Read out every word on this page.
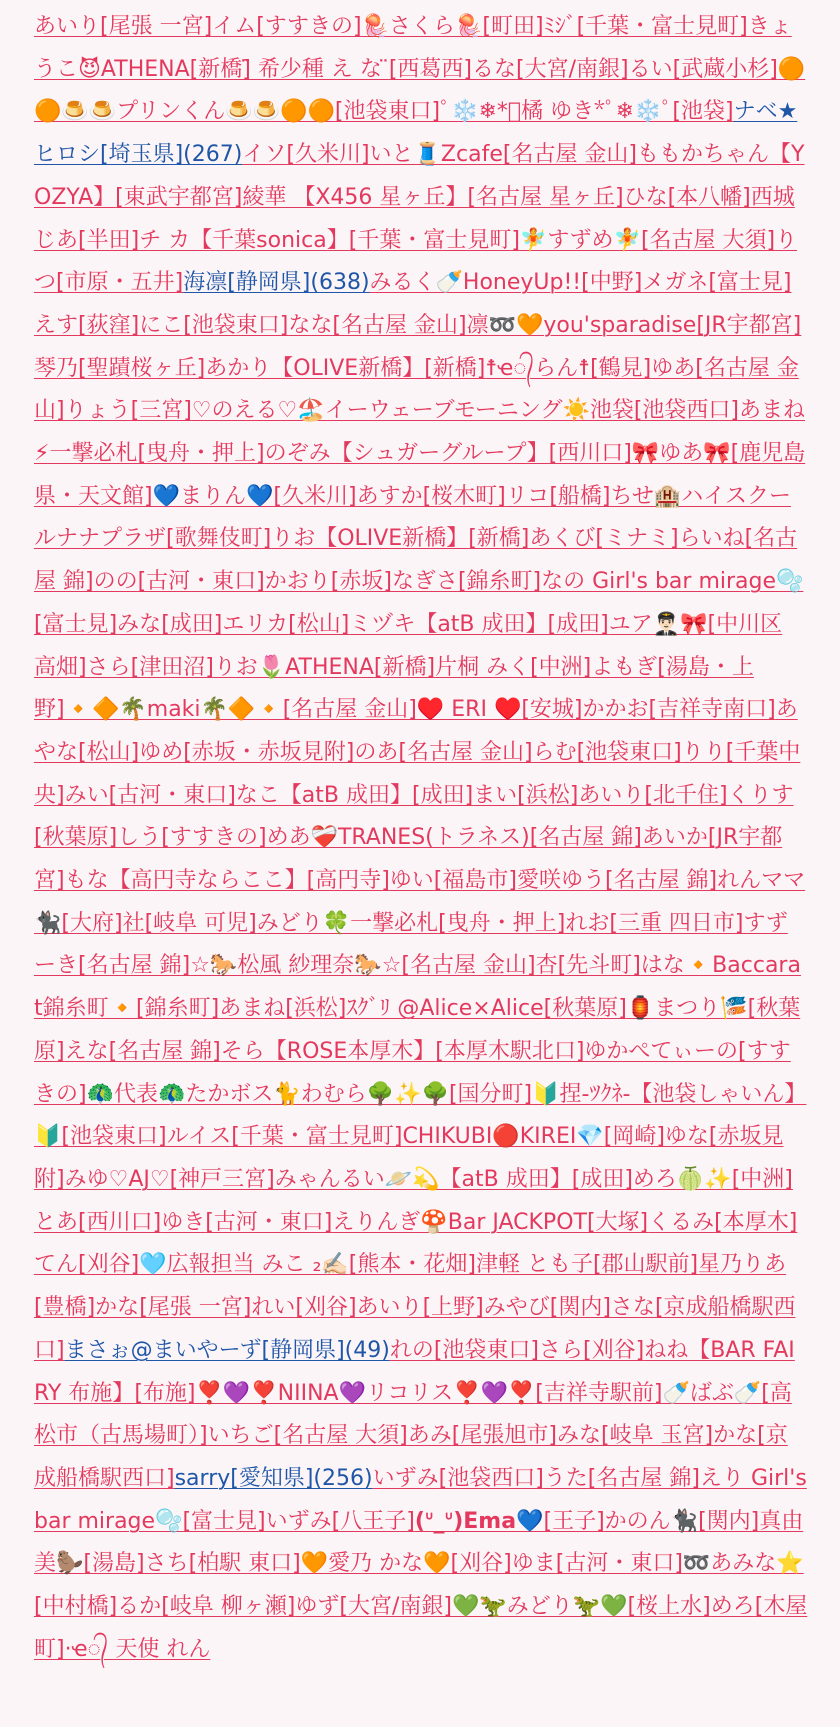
あいり[尾張 一宮]イム[すすきの]🪼さくら🪼[町田]ﾐｼﾞ[千葉・富士見町]きょうこ😈ATHENA[新橋]̈ 希少種 え な ̈[西葛西]るな[大宮/南銀]るい[武蔵小杉]🟠🟠🍮🍮プリンくん🍮🍮🟠🟠[池袋東口]ﾟ❄️❄︎*ﾟ橘 ゆき*ﾟ❄︎❄️ﾟ[池袋]ナベ★ヒロシ[埼玉県](267)イソ[久米川]いと🧵Zcafe[名古屋 金山]ももかちゃん【YOZYA】[東武宇都宮]綾華 【X456 星ヶ丘】[名古屋 星ヶ丘]ひな[本八幡]西城じあ[半田]チ カ【千葉sonica】[千葉・富士見町]🧚すずめ🧚[名古屋 大須]りつ[市原・五井]海凛[静岡県](638)みるく🍼HoneyUp!![中野]メガネ[富士見]えす[荻窪]にこ[池袋東口]なな[名古屋 金山]凛➿🧡you'sparadise[JR宇都宮]琴乃[聖蹟桜ヶ丘]あかり【OLIVE新橋】[新橋]☨ҽ᭄らん☨[鶴見]ゆあ[名古屋 金山]りょう[三宮]♡のえる♡🏖️イーウェーブモーニング☀️池袋[池袋西口]あまね⚡一撃必札[曳舟・押上]のぞみ【シュガーグループ】[西川口]🎀ゆあ🎀[鹿児島県・天文館]💙まりん💙[久米川]あすか[桜木町]リコ[船橋]ちせ🏨ハイスクールナナプラザ[歌舞伎町]りお【OLIVE新橋】[新橋]あくび[ミナミ]らいね[名古屋 錦]のの[古河・東口]かおり[赤坂]なぎさ[錦糸町]なの Girl's bar mirage🫧[富士見]みな[成田]エリカ[松山]ミヅキ【atB 成田】[成田]ユア👨🏻‍✈️🎀[中川区 高畑]さら[津田沼]りお🌷ATHENA[新橋]片桐 みく[中洲]よもぎ[湯島・上野]🔸🔶🌴maki🌴🔶🔸[名古屋 金山]♥️ ERI ♥️[安城]かかお[吉祥寺南口]あやな[松山]ゆめ[赤坂・赤坂見附]のあ[名古屋 金山]らむ[池袋東口]りり[千葉中央]みい[古河・東口]なこ【atB 成田】[成田]まい[浜松]あいり[北千住]くりす[秋葉原]しう[すすきの]めあ❤️‍🩹TRANES(トラネス)[名古屋 錦]あいか[JR宇都宮]もな【高円寺ならここ】[高円寺]ゆい[福島市]愛咲ゆう[名古屋 錦]れんママ🐈‍⬛[大府]社[岐阜 可児]みどり🍀一撃必札[曳舟・押上]れお[三重 四日市]すずーき[名古屋 錦]☆🐎松風 紗理奈🐎☆[名古屋 金山]杏[先斗町]はな🔸Baccarat錦糸町🔸[錦糸町]あまね[浜松]ｽｸﾞﾘ @Alice×Alice[秋葉原]🏮まつり🎏[秋葉原]えな[名古屋 錦]そら【ROSE本厚木】[本厚木駅北口]ゆかぺてぃーの[すすきの]🦚代表🦚たかボス🐈わむら🌳✨🌳[国分町]🔰捏-ﾂｸﾈ-【池袋しゃいん】🔰[池袋東口]ルイス[千葉・富士見町]CHIKUBI🔴KIREI💎[岡崎]ゆな[赤坂見附]みゆ♡AJ♡[神戸三宮]みゃんるい🪐💫【atB 成田】[成田]めろ🍈✨[中洲]とあ[西川口]ゆき[古河・東口]えりんぎ🍄Bar JACKPOT[大塚]くるみ[本厚木]てん[刈谷]🩵広報担当 みこ ₂✍🏻[熊本・花畑]津軽 とも子[郡山駅前]星乃りあ[豊橋]かな[尾張 一宮]れい[刈谷]あいり[上野]みやび[関内]さな[京成船橋駅西口]まさぉ@まいやーず[静岡県](49)れの[池袋東口]さら[刈谷]ねね【BAR FAIRY 布施】[布施]❣️💜❣️NIINA💜リコリス❣️💜❣️[吉祥寺駅前]🍼ばぶ🍼[高松市（古馬場町）]いちご[名古屋 大須]あみ[尾張旭市]みな[岐阜 玉宮]かな[京成船橋駅西口]sarry[愛知県](256)いずみ[池袋西口]うた[名古屋 錦]えり Girl's bar mirage🫧[富士見]いずみ[八王子](ᐡ_ᐡ)Ema💙[王子]かのん🐈‍⬛[関内]真由美🦫[湯島]さち[柏駅 東口]🧡愛乃 かな🧡[刈谷]ゆま[古河・東口]➿あみな⭐[中村橋]るか[岐阜 柳ヶ瀬]ゆず[大宮/南銀]💚🦖みどり🦖💚[桜上水]めろ[木屋町]·ҽ᭄ 天使 れん
